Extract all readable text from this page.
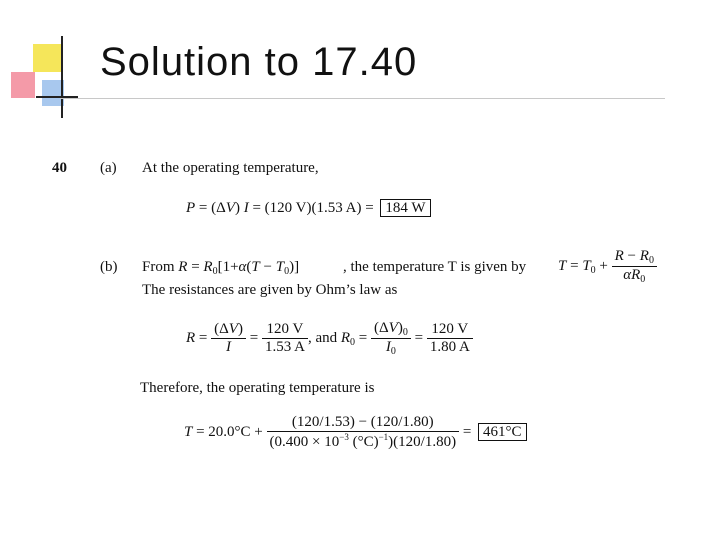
Solution to 17.40
40 (a) At the operating temperature,
P = (ΔV) I = (120 V)(1.53 A) = 184 W
(b) From $R = R_0[1+\alpha(T - T_0)]$	, the temperature T is given by $T = T_0 + \frac{R - R_0}{\alpha R_0}$
The resistances are given by Ohm’s law as
$R = \frac{(\Delta V)}{I} = \frac{120 V}{1.53 A}$ , and $R_0 = \frac{(\Delta V)_0}{I_0} = \frac{120 V}{1.80 A}$
Therefore, the operating temperature is
$T = 20.0^\circ C + \frac{(120/1.53) - (120/1.80)}{(0.400 \times 10^{-3} (^\circ C)^{-1})(120/1.80)} = 461^\circ C$
